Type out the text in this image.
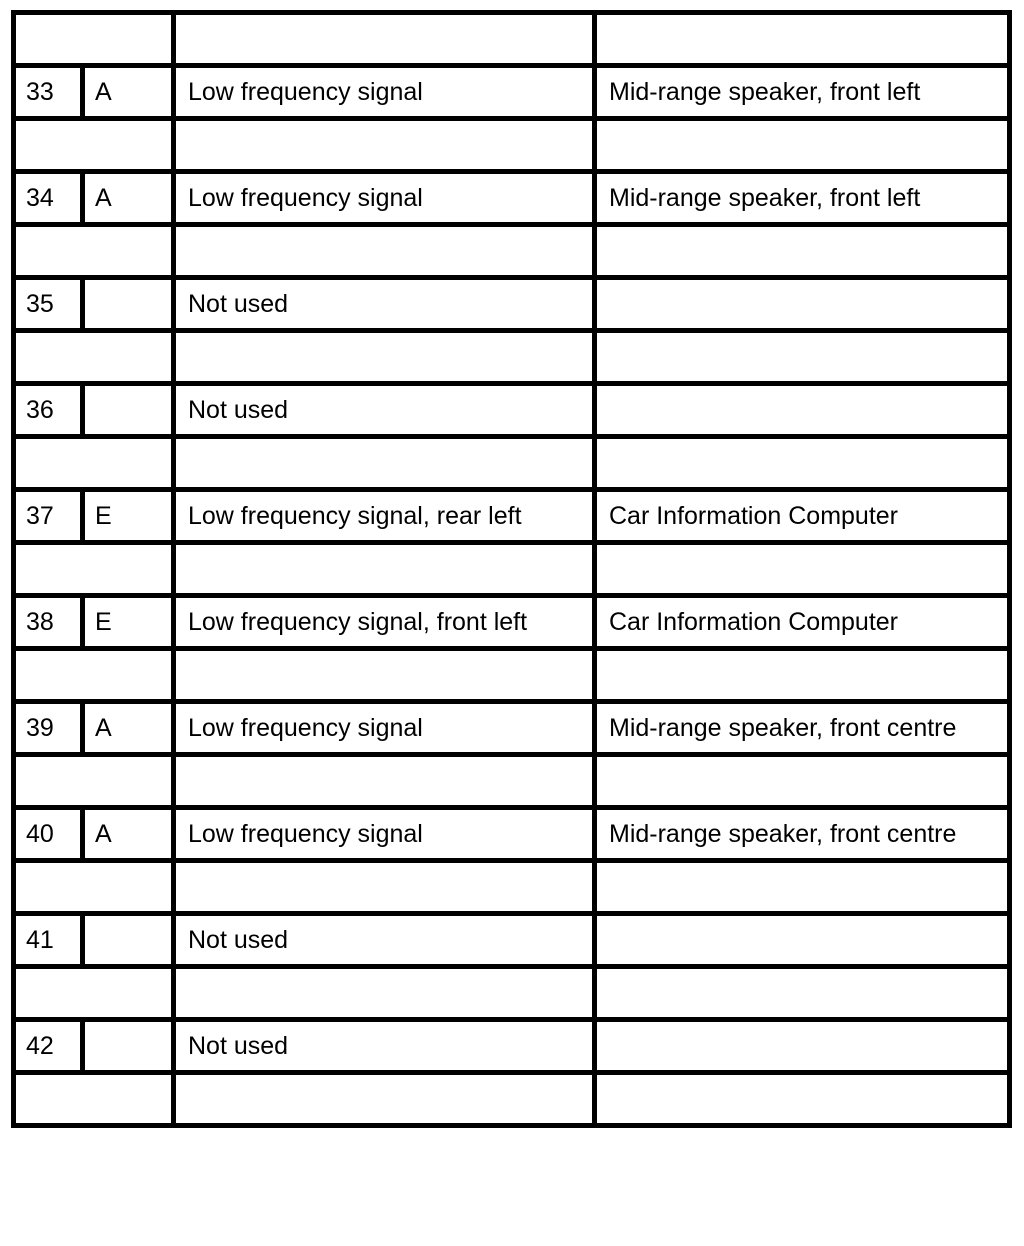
33	A	Low frequency signal	Mid-range speaker, front left

34	A	Low frequency signal	Mid-range speaker, front left

35		Not used	

36		Not used	

37	E	Low frequency signal, rear left	Car Information Computer

38	E	Low frequency signal, front left	Car Information Computer

39	A	Low frequency signal	Mid-range speaker, front centre

40	A	Low frequency signal	Mid-range speaker, front centre

41		Not used	

42		Not used	
